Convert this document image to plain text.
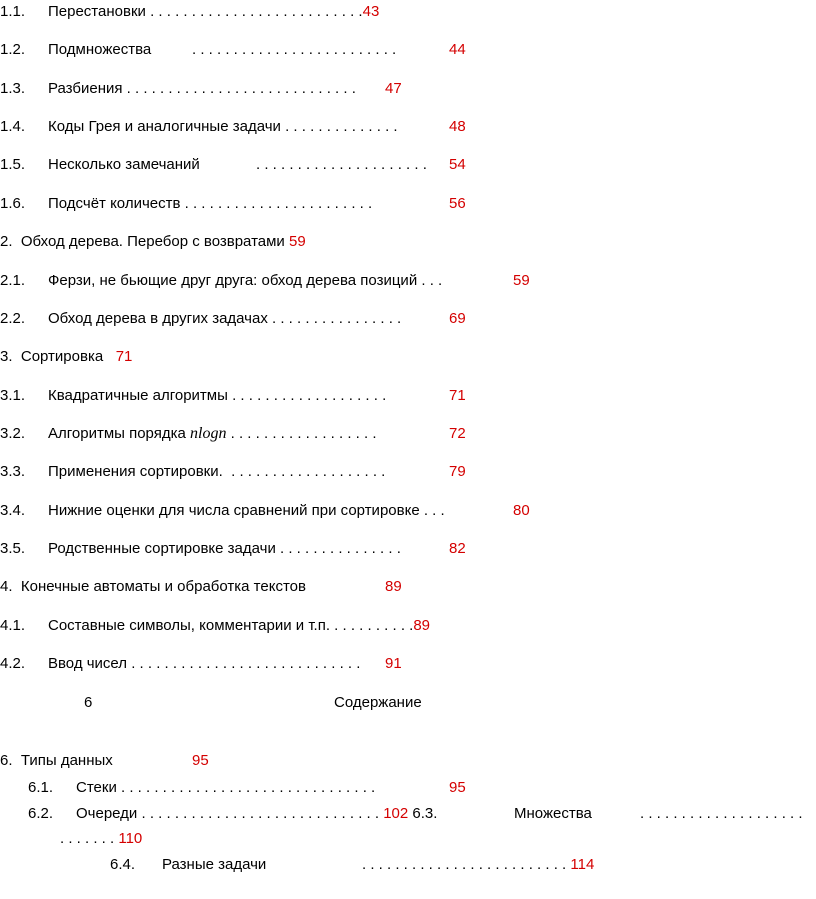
1.1. Перестановки . . . . . . . . . . . . . . . . . . . . . . . . . .43
1.2. Подмножества	. . . . . . . . . . . . . . . . . . . . . . . . .	44
1.3. Разбиения . . . . . . . . . . . . . . . . . . . . . . . . . . . . 47
1.4. Коды Грея и аналогичные задачи . . . . . . . . . . . . . .	48
1.5. Несколько замечаний	. . . . . . . . . . . . . . . . . . . . . 54
1.6. Подсчёт количеств . . . . . . . . . . . . . . . . . . . . . . .	56
2. Обход дерева. Перебор с возвратами 59
2.1. Ферзи, не бьющие друг друга: обход дерева позиций . . .	59
2.2. Обход дерева в других задачах . . . . . . . . . . . . . . . .	69
3. Сортировка 71
3.1. Квадратичные алгоритмы . . . . . . . . . . . . . . . . . . .	71
3.2. Алгоритмы порядка nlogn . . . . . . . . . . . . . . . . . .	72
3.3. Применения сортировки. . . . . . . . . . . . . . . . . . . .	79
3.4. Нижние оценки для числа сравнений при сортировке . . .	80
3.5. Родственные сортировке задачи . . . . . . . . . . . . . . .	82
4. Конечные автоматы и обработка текстов	89
4.1. Составные символы, комментарии и т.п. . . . . . . . . . .89
4.2. Ввод чисел . . . . . . . . . . . . . . . . . . . . . . . . . . . . 91
6	Содержание
6. Типы данных	95
6.1. Стеки . . . . . . . . . . . . . . . . . . . . . . . . . . . . . . .	95
6.2. Очереди . . . . . . . . . . . . . . . . . . . . . . . . . . . . . 102 6.3.	Множества	. . . . . . . . . . . . . . . . . . . .
. . . . . . . 110
6.4. Разные задачи	. . . . . . . . . . . . . . . . . . . . . . . . . 114
